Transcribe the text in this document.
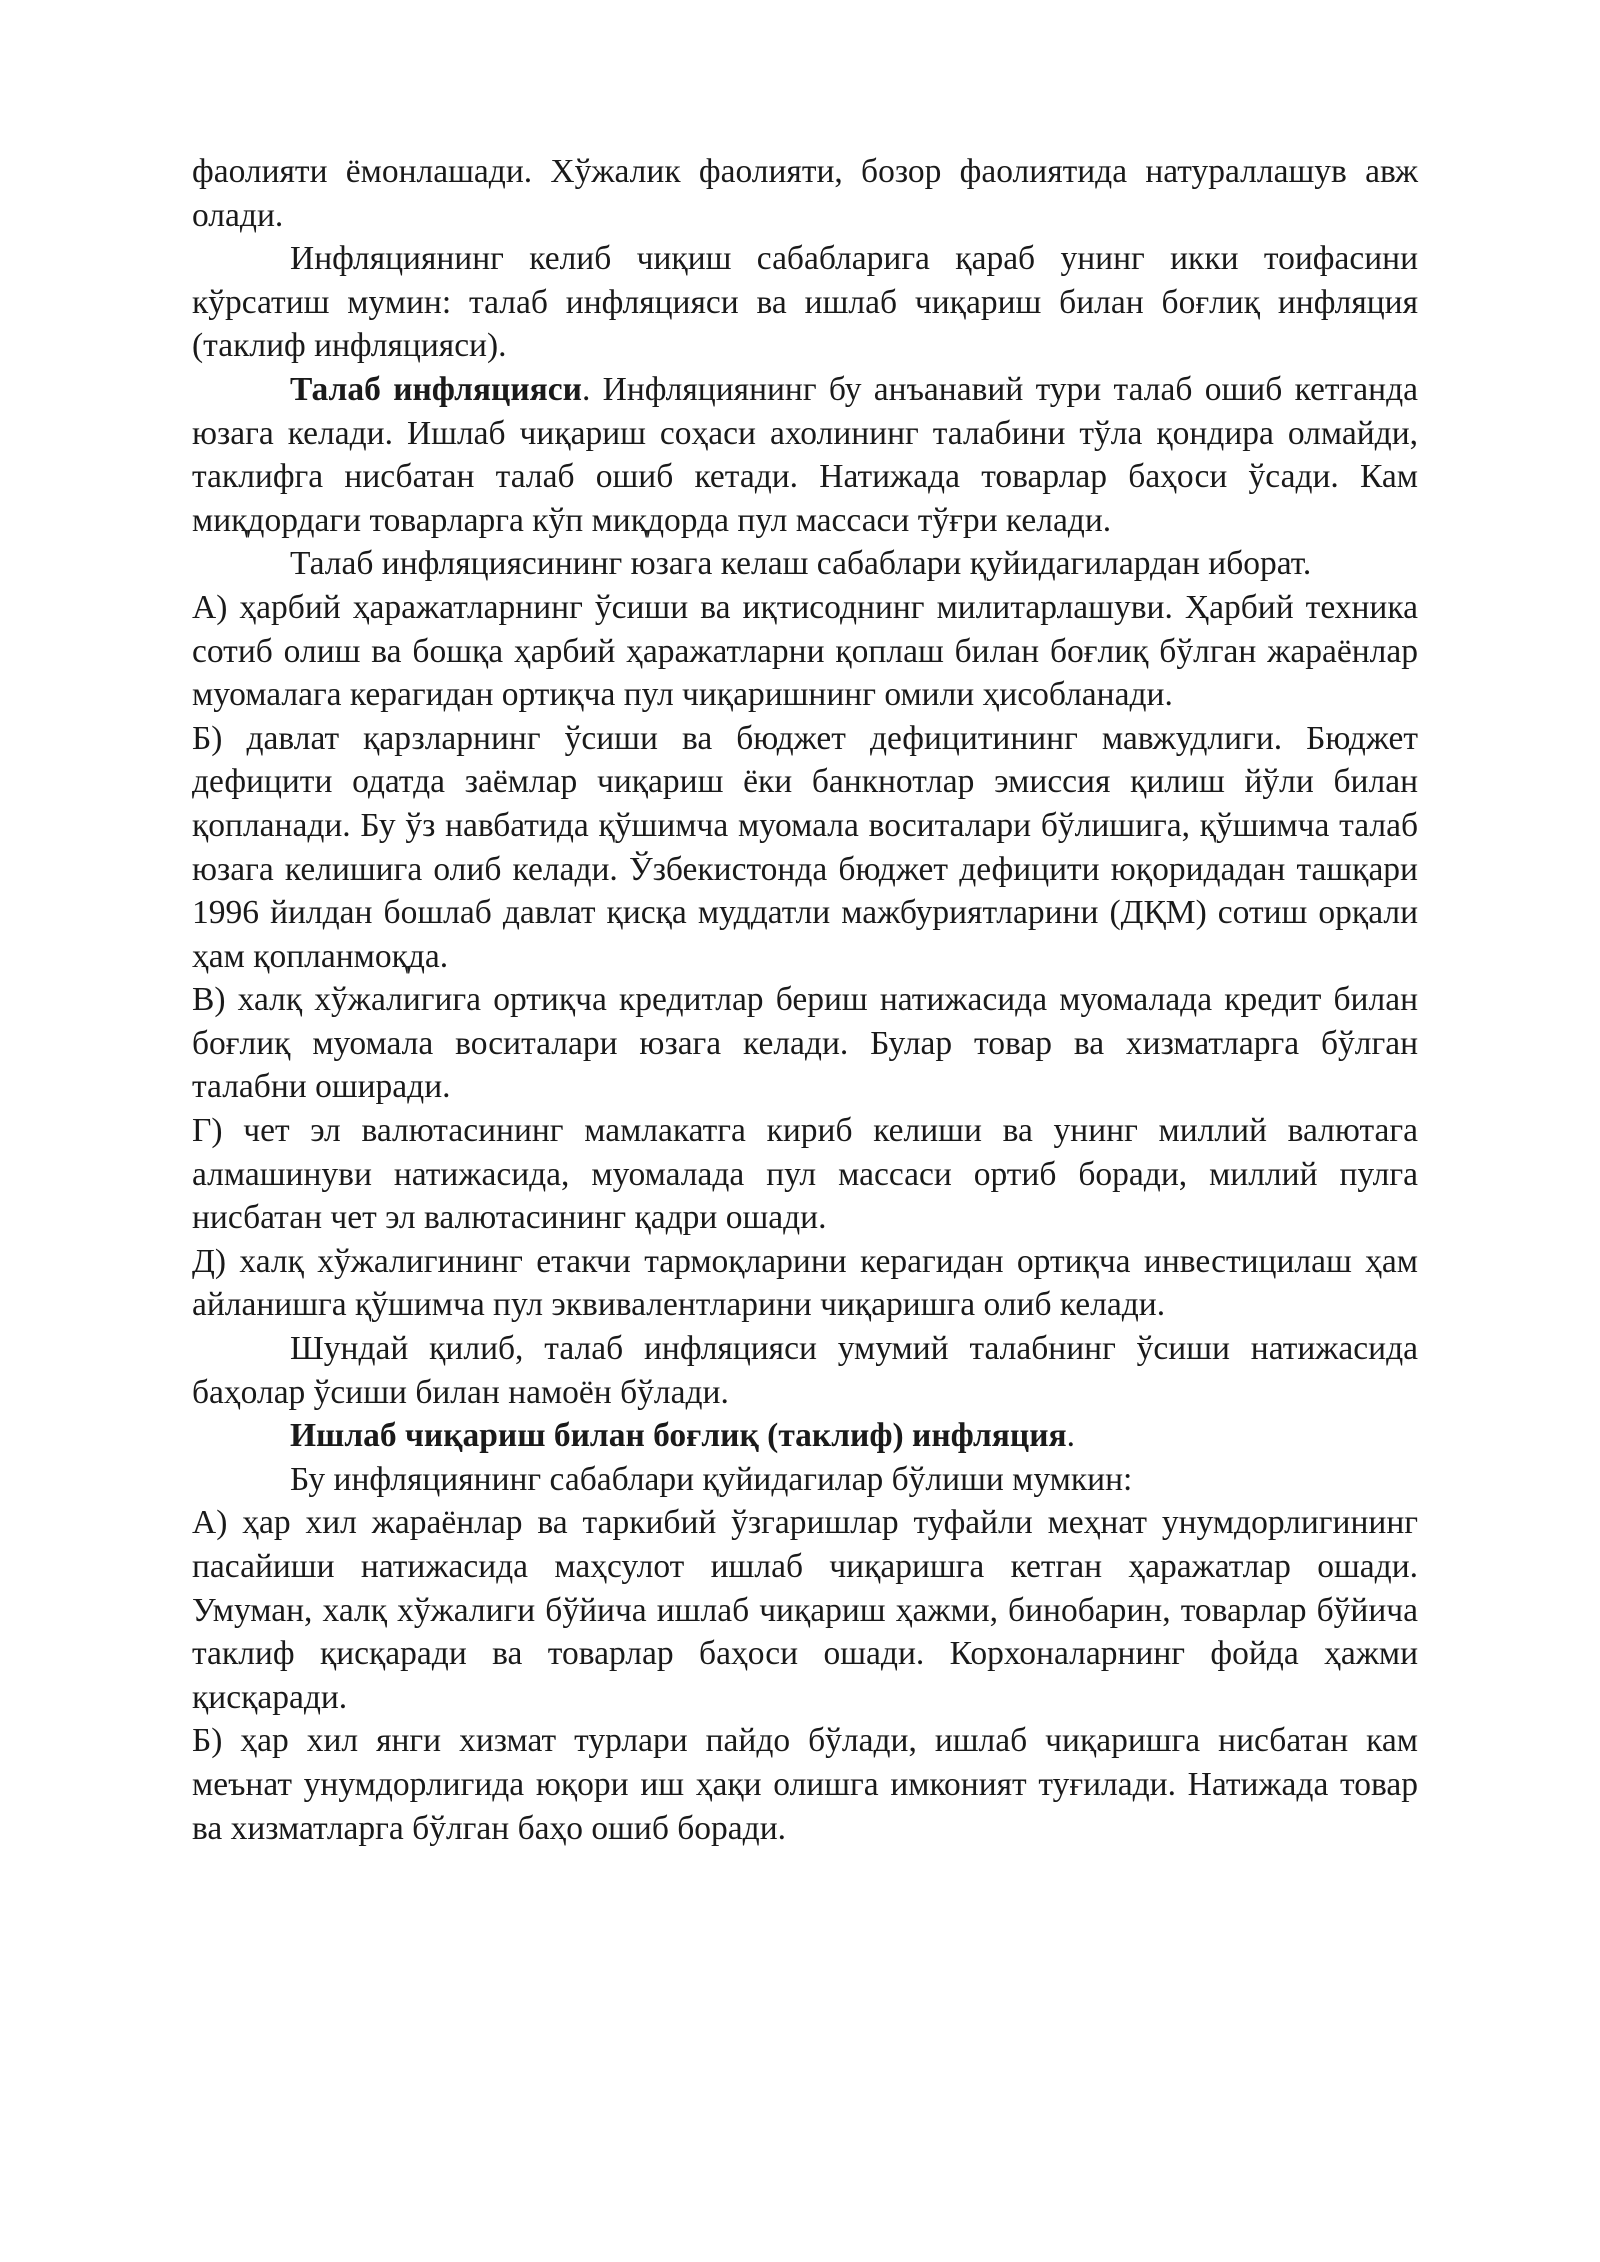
фаолияти ёмонлашади. Хўжалик фаолияти, бозор фаолиятида натураллашув авж олади.

Инфляциянинг келиб чиқиш сабабларига қараб унинг икки тоифасини кўрсатиш мумин: талаб инфляцияси ва ишлаб чиқариш билан боғлиқ инфляция (таклиф инфляцияси).

Талаб инфляцияси. Инфляциянинг бу анъанавий тури талаб ошиб кетганда юзага келади. Ишлаб чиқариш соҳаси ахолининг талабини тўла қондира олмайди, таклифга нисбатан талаб ошиб кетади. Натижада товарлар баҳоси ўсади. Кам миқдордаги товарларга кўп миқдорда пул массаси тўғри келади.

Талаб инфляциясининг юзага келаш сабаблари қуйидагилардан иборат.

А) ҳарбий ҳаражатларнинг ўсиши ва иқтисоднинг милитарлашуви. Ҳарбий техника сотиб олиш ва бошқа ҳарбий ҳаражатларни қоплаш билан боғлиқ бўлган жараёнлар муомалага керагидан ортиқча пул чиқаришнинг омили ҳисобланади.

Б) давлат қарзларнинг ўсиши ва бюджет дефицитининг мавжудлиги. Бюджет дефицити одатда заёмлар чиқариш ёки банкнотлар эмиссия қилиш йўли билан қопланади. Бу ўз навбатида қўшимча муомала воситалари бўлишига, қўшимча талаб юзага келишига олиб келади. Ўзбекистонда бюджет дефицити юқоридадан ташқари 1996 йилдан бошлаб давлат қисқа муддатли мажбуриятларини (ДҚМ) сотиш орқали ҳам қопланмоқда.

В) халқ хўжалигига ортиқча кредитлар бериш натижасида муомалада кредит билан боғлиқ муомала воситалари юзага келади. Булар товар ва хизматларга бўлган талабни оширади.

Г) чет эл валютасининг мамлакатга кириб келиши ва унинг миллий валютага алмашинуви натижасида, муомалада пул массаси ортиб боради, миллий пулга нисбатан чет эл валютасининг қадри ошади.

Д) халқ хўжалигининг етакчи тармоқларини керагидан ортиқча инвестицилаш ҳам айланишга қўшимча пул эквивалентларини чиқаришга олиб келади.

Шундай қилиб, талаб инфляцияси умумий талабнинг ўсиши натижасида баҳолар ўсиши билан намоён бўлади.

Ишлаб чиқариш билан боғлиқ (таклиф) инфляция.

Бу инфляциянинг сабаблари қуйидагилар бўлиши мумкин:

А) ҳар хил жараёнлар ва таркибий ўзгаришлар туфайли меҳнат унумдорлигининг пасайиши натижасида маҳсулот ишлаб чиқаришга кетган ҳаражатлар ошади. Умуман, халқ хўжалиги бўйича ишлаб чиқариш ҳажми, бинобарин, товарлар бўйича таклиф қисқаради ва товарлар баҳоси ошади. Корхоналарнинг фойда ҳажми қисқаради.

Б) ҳар хил янги хизмат турлари пайдо бўлади, ишлаб чиқаришга нисбатан кам меънат унумдорлигида юқори иш ҳақи олишга имконият туғилади. Натижада товар ва хизматларга бўлган баҳо ошиб боради.
